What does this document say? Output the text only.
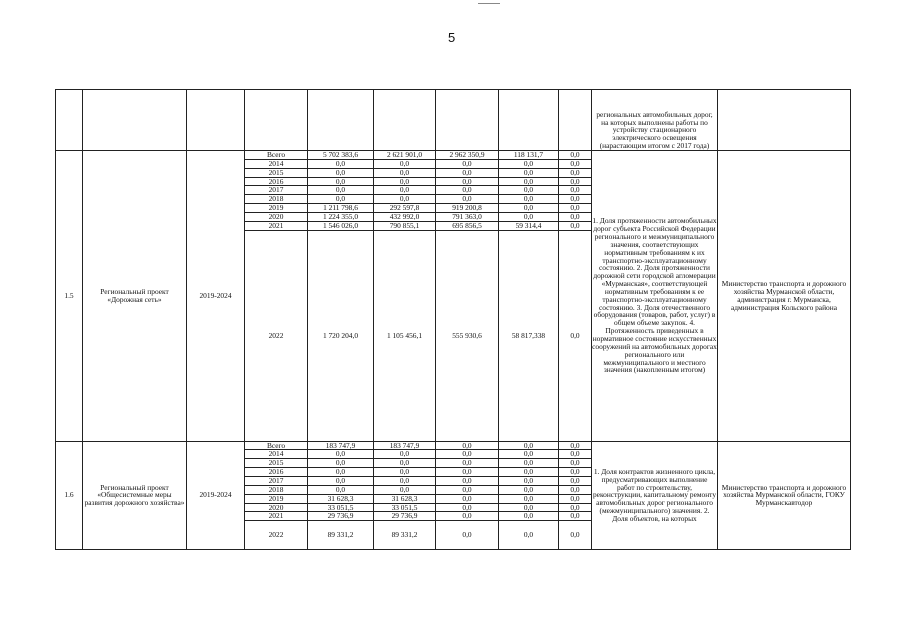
5
									региональных автомобильных дорог, на которых выполнены работы по устройству стационарного электрического освещения (нарастающим итогом с 2017 года)	
1.5	Региональный проект «Дорожная сеть»	2019-2024	Всего	5 702 383,6	2 621 901,0	2 962 350,9	118 131,7	0,0	1. Доля протяженности автомобильных дорог субъекта Российской Федерации регионального и межмуниципального значения, соответствующих нормативным требованиям к их транспортно-эксплуатационному состоянию. 2. Доля протяженности дорожной сети городской агломерации «Мурманская», соответствующей нормативным требованиям к ее транспортно-эксплуатационному состоянию. 3. Доля отечественного оборудования (товаров, работ, услуг) в общем объеме закупок. 4. Протяженность приведенных в нормативное состояние искусственных сооружений на автомобильных дорогах регионального или межмуниципального и местного значения (накопленным итогом)	Министерство транспорта и дорожного хозяйства Мурманской области, администрация г. Мурманска, администрация Кольского района
			2014	0,0	0,0	0,0	0,0	0,0		
			2015	0,0	0,0	0,0	0,0	0,0		
			2016	0,0	0,0	0,0	0,0	0,0		
			2017	0,0	0,0	0,0	0,0	0,0		
			2018	0,0	0,0	0,0	0,0	0,0		
			2019	1 211 798,6	292 597,8	919 200,8	0,0	0,0		
			2020	1 224 355,0	432 992,0	791 363,0	0,0	0,0		
			2021	1 546 026,0	790 855,1	695 856,5	59 314,4	0,0		
			2022	1 720 204,0	1 105 456,1	555 930,6	58 817,338	0,0		
1.6	Региональный проект «Общесистемные меры развития дорожного хозяйства»	2019-2024	Всего	183 747,9	183 747,9	0,0	0,0	0,0	1. Доля контрактов жизненного цикла, предусматривающих выполнение работ по строительству, реконструкции, капитальному ремонту автомобильных дорог регионального (межмуниципального) значения. 2. Доля объектов, на которых	Министерство транспорта и дорожного хозяйства Мурманской области, ГОКУ Мурманскавтодор
			2014	0,0	0,0	0,0	0,0	0,0		
			2015	0,0	0,0	0,0	0,0	0,0		
			2016	0,0	0,0	0,0	0,0	0,0		
			2017	0,0	0,0	0,0	0,0	0,0		
			2018	0,0	0,0	0,0	0,0	0,0		
			2019	31 628,3	31 628,3	0,0	0,0	0,0		
			2020	33 051,5	33 051,5	0,0	0,0	0,0		
			2021	29 736,9	29 736,9	0,0	0,0	0,0		
			2022	89 331,2	89 331,2	0,0	0,0	0,0		
